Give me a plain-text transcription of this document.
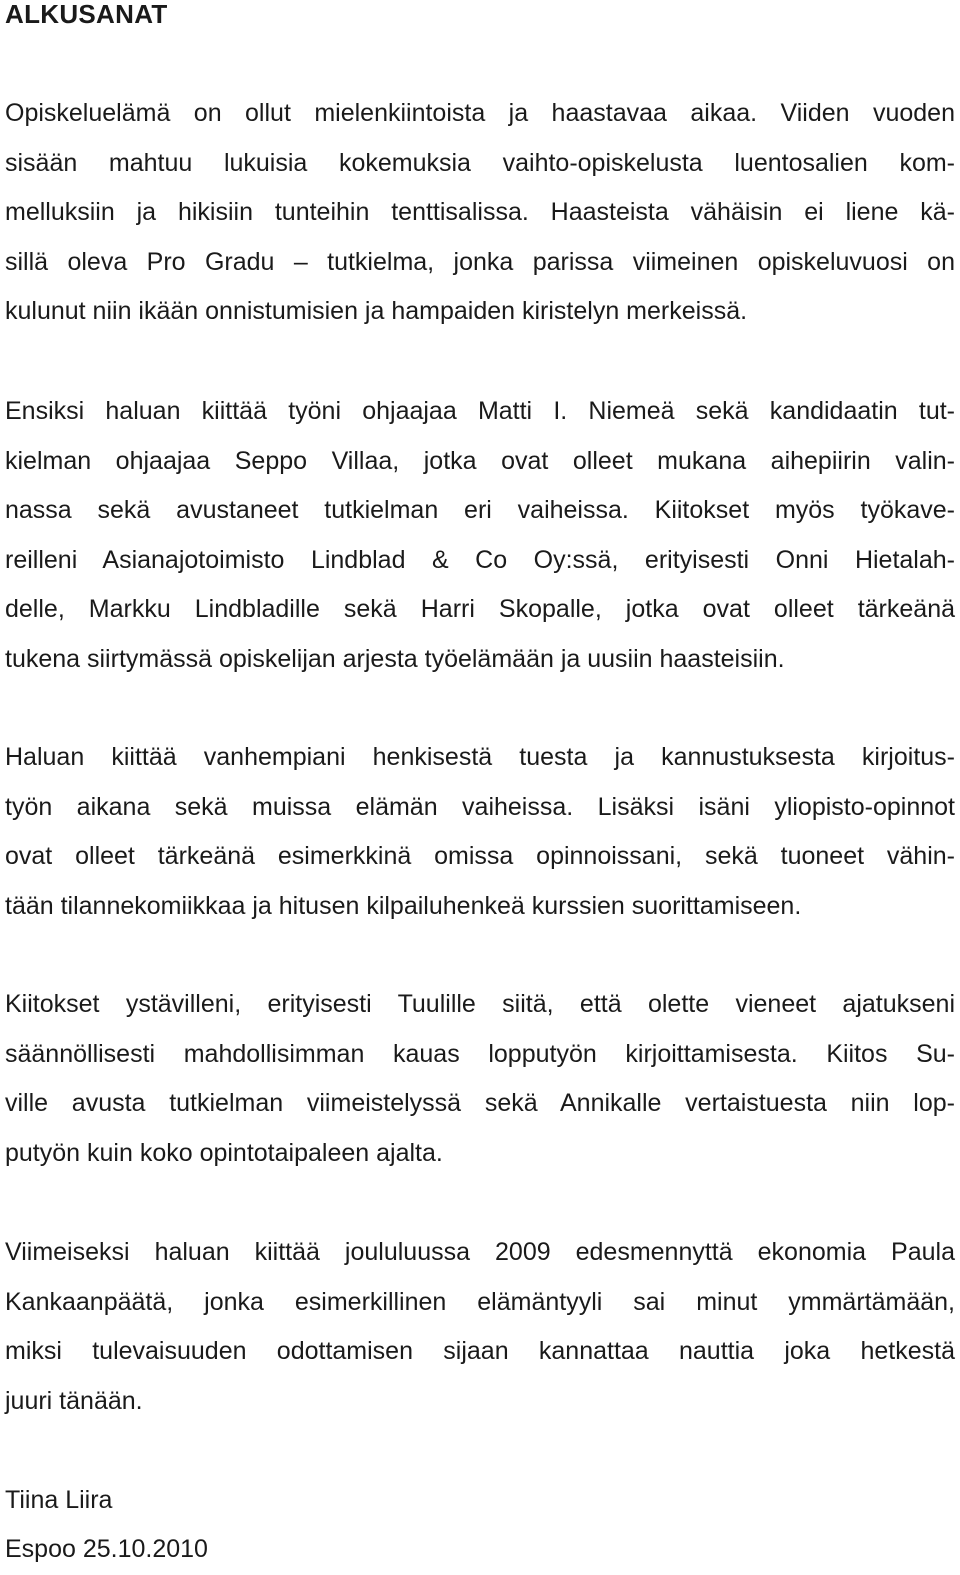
ALKUSANAT

Opiskeluelämä on ollut mielenkiintoista ja haastavaa aikaa. Viiden vuoden
sisään mahtuu lukuisia kokemuksia vaihto-opiskelusta luentosalien kom-
melluksiin ja hikisiin tunteihin tenttisalissa. Haasteista vähäisin ei liene kä-
sillä oleva Pro Gradu – tutkielma, jonka parissa viimeinen opiskeluvuosi on
kulunut niin ikään onnistumisien ja hampaiden kiristelyn merkeissä.

Ensiksi haluan kiittää työni ohjaajaa Matti I. Niemeä sekä kandidaatin tut-
kielman ohjaajaa Seppo Villaa, jotka ovat olleet mukana aihepiirin valin-
nassa sekä avustaneet tutkielman eri vaiheissa. Kiitokset myös työkave-
reilleni Asianajotoimisto Lindblad & Co Oy:ssä, erityisesti Onni Hietalah-
delle, Markku Lindbladille sekä Harri Skopalle, jotka ovat olleet tärkeänä
tukena siirtymässä opiskelijan arjesta työelämään ja uusiin haasteisiin.

Haluan kiittää vanhempiani henkisestä tuesta ja kannustuksesta kirjoitus-
työn aikana sekä muissa elämän vaiheissa. Lisäksi isäni yliopisto-opinnot
ovat olleet tärkeänä esimerkkinä omissa opinnoissani, sekä tuoneet vähin-
tään tilannekomiikkaa ja hitusen kilpailuhenkeä kurssien suorittamiseen.

Kiitokset ystävilleni, erityisesti Tuulille siitä, että olette vieneet ajatukseni
säännöllisesti mahdollisimman kauas lopputyön kirjoittamisesta. Kiitos Su-
ville avusta tutkielman viimeistelyssä sekä Annikalle vertaistuesta niin lop-
putyön kuin koko opintotaipaleen ajalta.

Viimeiseksi haluan kiittää joululuussa 2009 edesmennyttä ekonomia Paula
Kankaanpäätä, jonka esimerkillinen elämäntyyli sai minut ymmärtämään,
miksi tulevaisuuden odottamisen sijaan kannattaa nauttia joka hetkestä
juuri tänään.

Tiina Liira

Espoo 25.10.2010
